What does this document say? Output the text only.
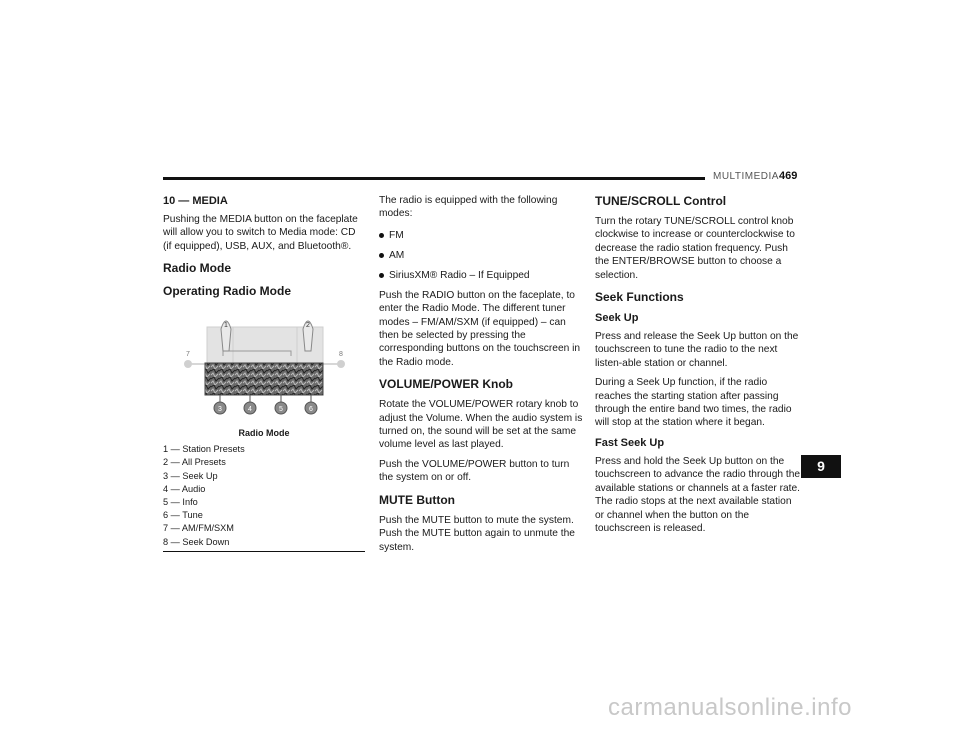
MULTIMEDIA 469
10 — MEDIA

Pushing the MEDIA button on the faceplate will allow you to switch to Media mode: CD (if equipped), USB, AUX, and Bluetooth®.

Radio Mode
Operating Radio Mode
1	2
3	4	5	6
7	8
Radio Mode
1 — Station Presets
2 — All Presets
3 — Seek Up
4 — Audio
5 — Info
6 — Tune
7 — AM/FM/SXM
8 — Seek Down

The radio is equipped with the following modes:

FM
AM
SiriusXM® Radio – If Equipped

Push the RADIO button on the faceplate, to enter the Radio Mode. The different tuner modes – FM/AM/SXM (if equipped) – can then be selected by pressing the corresponding buttons on the touchscreen in the Radio mode.

VOLUME/POWER Knob

Rotate the VOLUME/POWER rotary knob to adjust the Volume. When the audio system is turned on, the sound will be set at the same volume level as last played.

Push the VOLUME/POWER button to turn the system on or off.

MUTE Button

Push the MUTE button to mute the system. Push the MUTE button again to unmute the system.

TUNE/SCROLL Control

Turn the rotary TUNE/SCROLL control knob clockwise to increase or counterclockwise to decrease the radio station frequency. Push the ENTER/BROWSE button to choose a selection.

Seek Functions
Seek Up

Press and release the Seek Up button on the touchscreen to tune the radio to the next listen-able station or channel.

During a Seek Up function, if the radio reaches the starting station after passing through the entire band two times, the radio will stop at the station where it began.

Fast Seek Up

Press and hold the Seek Up button on the touchscreen to advance the radio through the available stations or channels at a faster rate. The radio stops at the next available station or channel when the button on the touchscreen is released.

9
carmanualsonline.info
